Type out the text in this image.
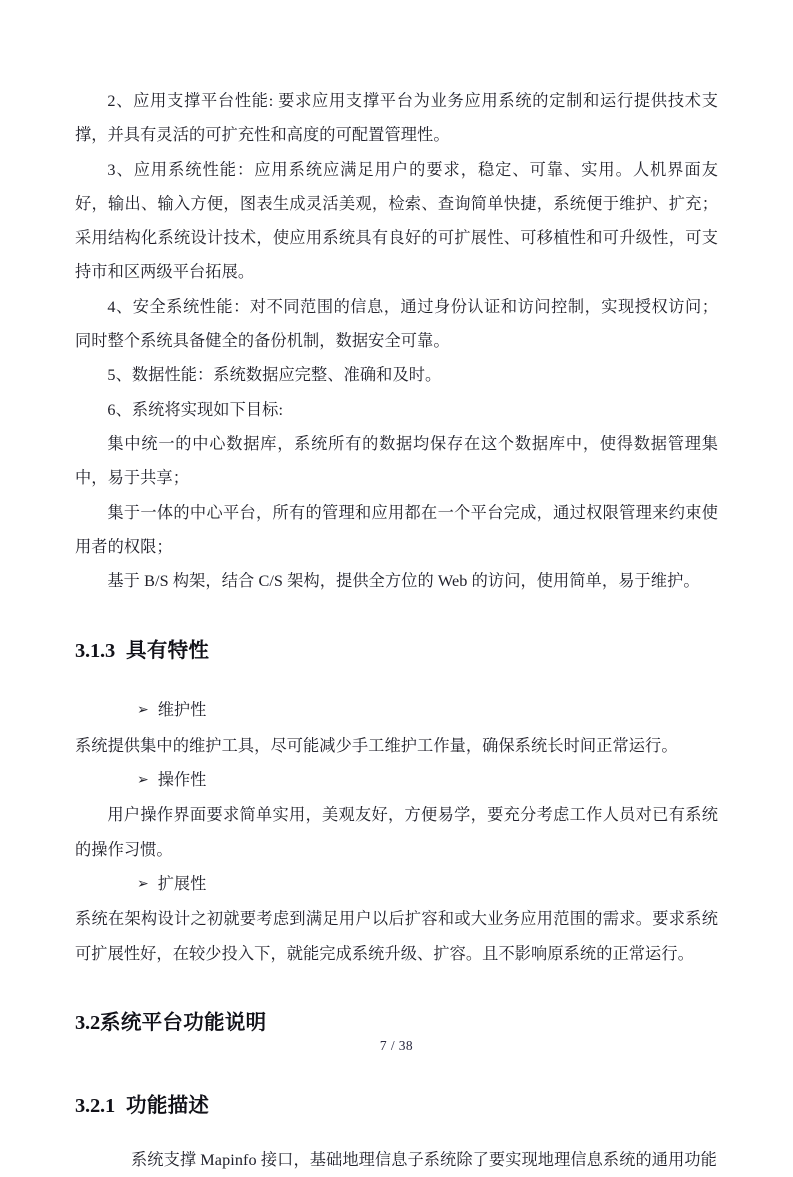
2、应用支撑平台性能: 要求应用支撑平台为业务应用系统的定制和运行提供技术支撑，并具有灵活的可扩充性和高度的可配置管理性。

3、应用系统性能：应用系统应满足用户的要求，稳定、可靠、实用。人机界面友好，输出、输入方便，图表生成灵活美观，检索、查询简单快捷，系统便于维护、扩充；采用结构化系统设计技术，使应用系统具有良好的可扩展性、可移植性和可升级性，可支持市和区两级平台拓展。

4、安全系统性能：对不同范围的信息，通过身份认证和访问控制，实现授权访问；同时整个系统具备健全的备份机制，数据安全可靠。

5、数据性能：系统数据应完整、准确和及时。

6、系统将实现如下目标:

集中统一的中心数据库，系统所有的数据均保存在这个数据库中，使得数据管理集中，易于共享；

集于一体的中心平台，所有的管理和应用都在一个平台完成，通过权限管理来约束使用者的权限；

基于 B/S 构架，结合 C/S 架构，提供全方位的 Web 的访问，使用简单，易于维护。

3.1.3 具有特性

➢ 维护性

系统提供集中的维护工具，尽可能减少手工维护工作量，确保系统长时间正常运行。

➢ 操作性

用户操作界面要求简单实用，美观友好，方便易学，要充分考虑工作人员对已有系统的操作习惯。

➢ 扩展性

系统在架构设计之初就要考虑到满足用户以后扩容和或大业务应用范围的需求。要求系统可扩展性好，在较少投入下，就能完成系统升级、扩容。且不影响原系统的正常运行。

3.2系统平台功能说明
3.2.1 功能描述

系统支撑 Mapinfo 接口，基础地理信息子系统除了要实现地理信息系统的通用功能

7 / 38
